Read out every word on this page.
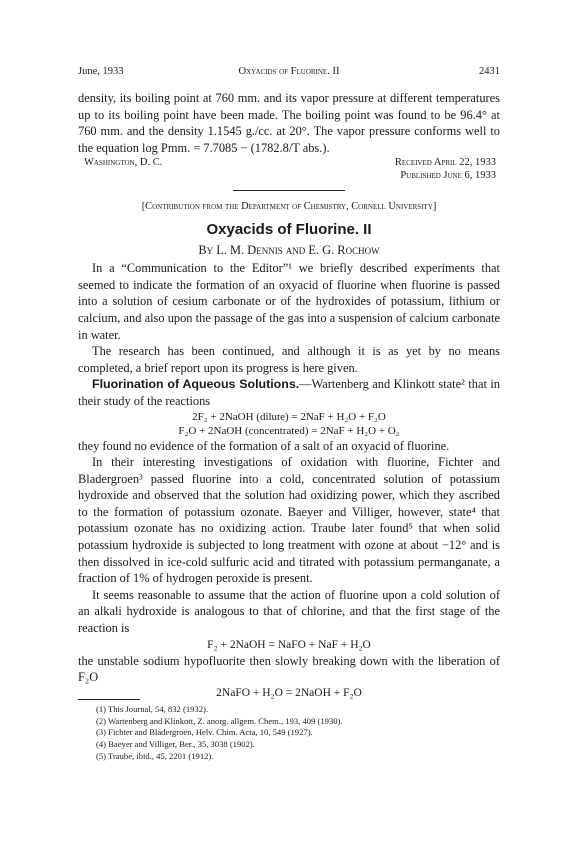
June, 1933	Oxyacids of Fluorine. II	2431

density, its boiling point at 760 mm. and its vapor pressure at different temperatures up to its boiling point have been made. The boiling point was found to be 96.4° at 760 mm. and the density 1.1545 g./cc. at 20°. The vapor pressure conforms well to the equation log Pmm. = 7.7085 − (1782.8/T abs.).

Washington, D. C.	Received April 22, 1933
Published June 6, 1933
[Contribution from the Department of Chemistry, Cornell University]
Oxyacids of Fluorine. II
By L. M. Dennis and E. G. Rochow

In a “Communication to the Editor”¹ we briefly described experiments that seemed to indicate the formation of an oxyacid of fluorine when fluorine is passed into a solution of cesium carbonate or of the hydroxides of potassium, lithium or calcium, and also upon the passage of the gas into a suspension of calcium carbonate in water.

The research has been continued, and although it is as yet by no means completed, a brief report upon its progress is here given.

Fluorination of Aqueous Solutions.—Wartenberg and Klinkott state² that in their study of the reactions

2F₂ + 2NaOH (dilute) = 2NaF + H₂O + F₂O
F₂O + 2NaOH (concentrated) = 2NaF + H₂O + O₂

they found no evidence of the formation of a salt of an oxyacid of fluorine.

In their interesting investigations of oxidation with fluorine, Fichter and Bladergroen³ passed fluorine into a cold, concentrated solution of potassium hydroxide and observed that the solution had oxidizing power, which they ascribed to the formation of potassium ozonate. Baeyer and Villiger, however, state⁴ that potassium ozonate has no oxidizing action. Traube later found⁵ that when solid potassium hydroxide is subjected to long treatment with ozone at about −12° and is then dissolved in ice-cold sulfuric acid and titrated with potassium permanganate, a fraction of 1% of hydrogen peroxide is present.

It seems reasonable to assume that the action of fluorine upon a cold solution of an alkali hydroxide is analogous to that of chlorine, and that the first stage of the reaction is

F₂ + 2NaOH = NaFO + NaF + H₂O

the unstable sodium hypofluorite then slowly breaking down with the liberation of F₂O

2NaFO + H₂O = 2NaOH + F₂O
(1) This Journal, 54, 832 (1932).
(2) Wartenberg and Klinkott, Z. anorg. allgem. Chem., 193, 409 (1930).
(3) Fichter and Bladergroen, Helv. Chim. Acta, 10, 549 (1927).
(4) Baeyer and Villiger, Ber., 35, 3038 (1902).
(5) Traube, ibid., 45, 2201 (1912).
